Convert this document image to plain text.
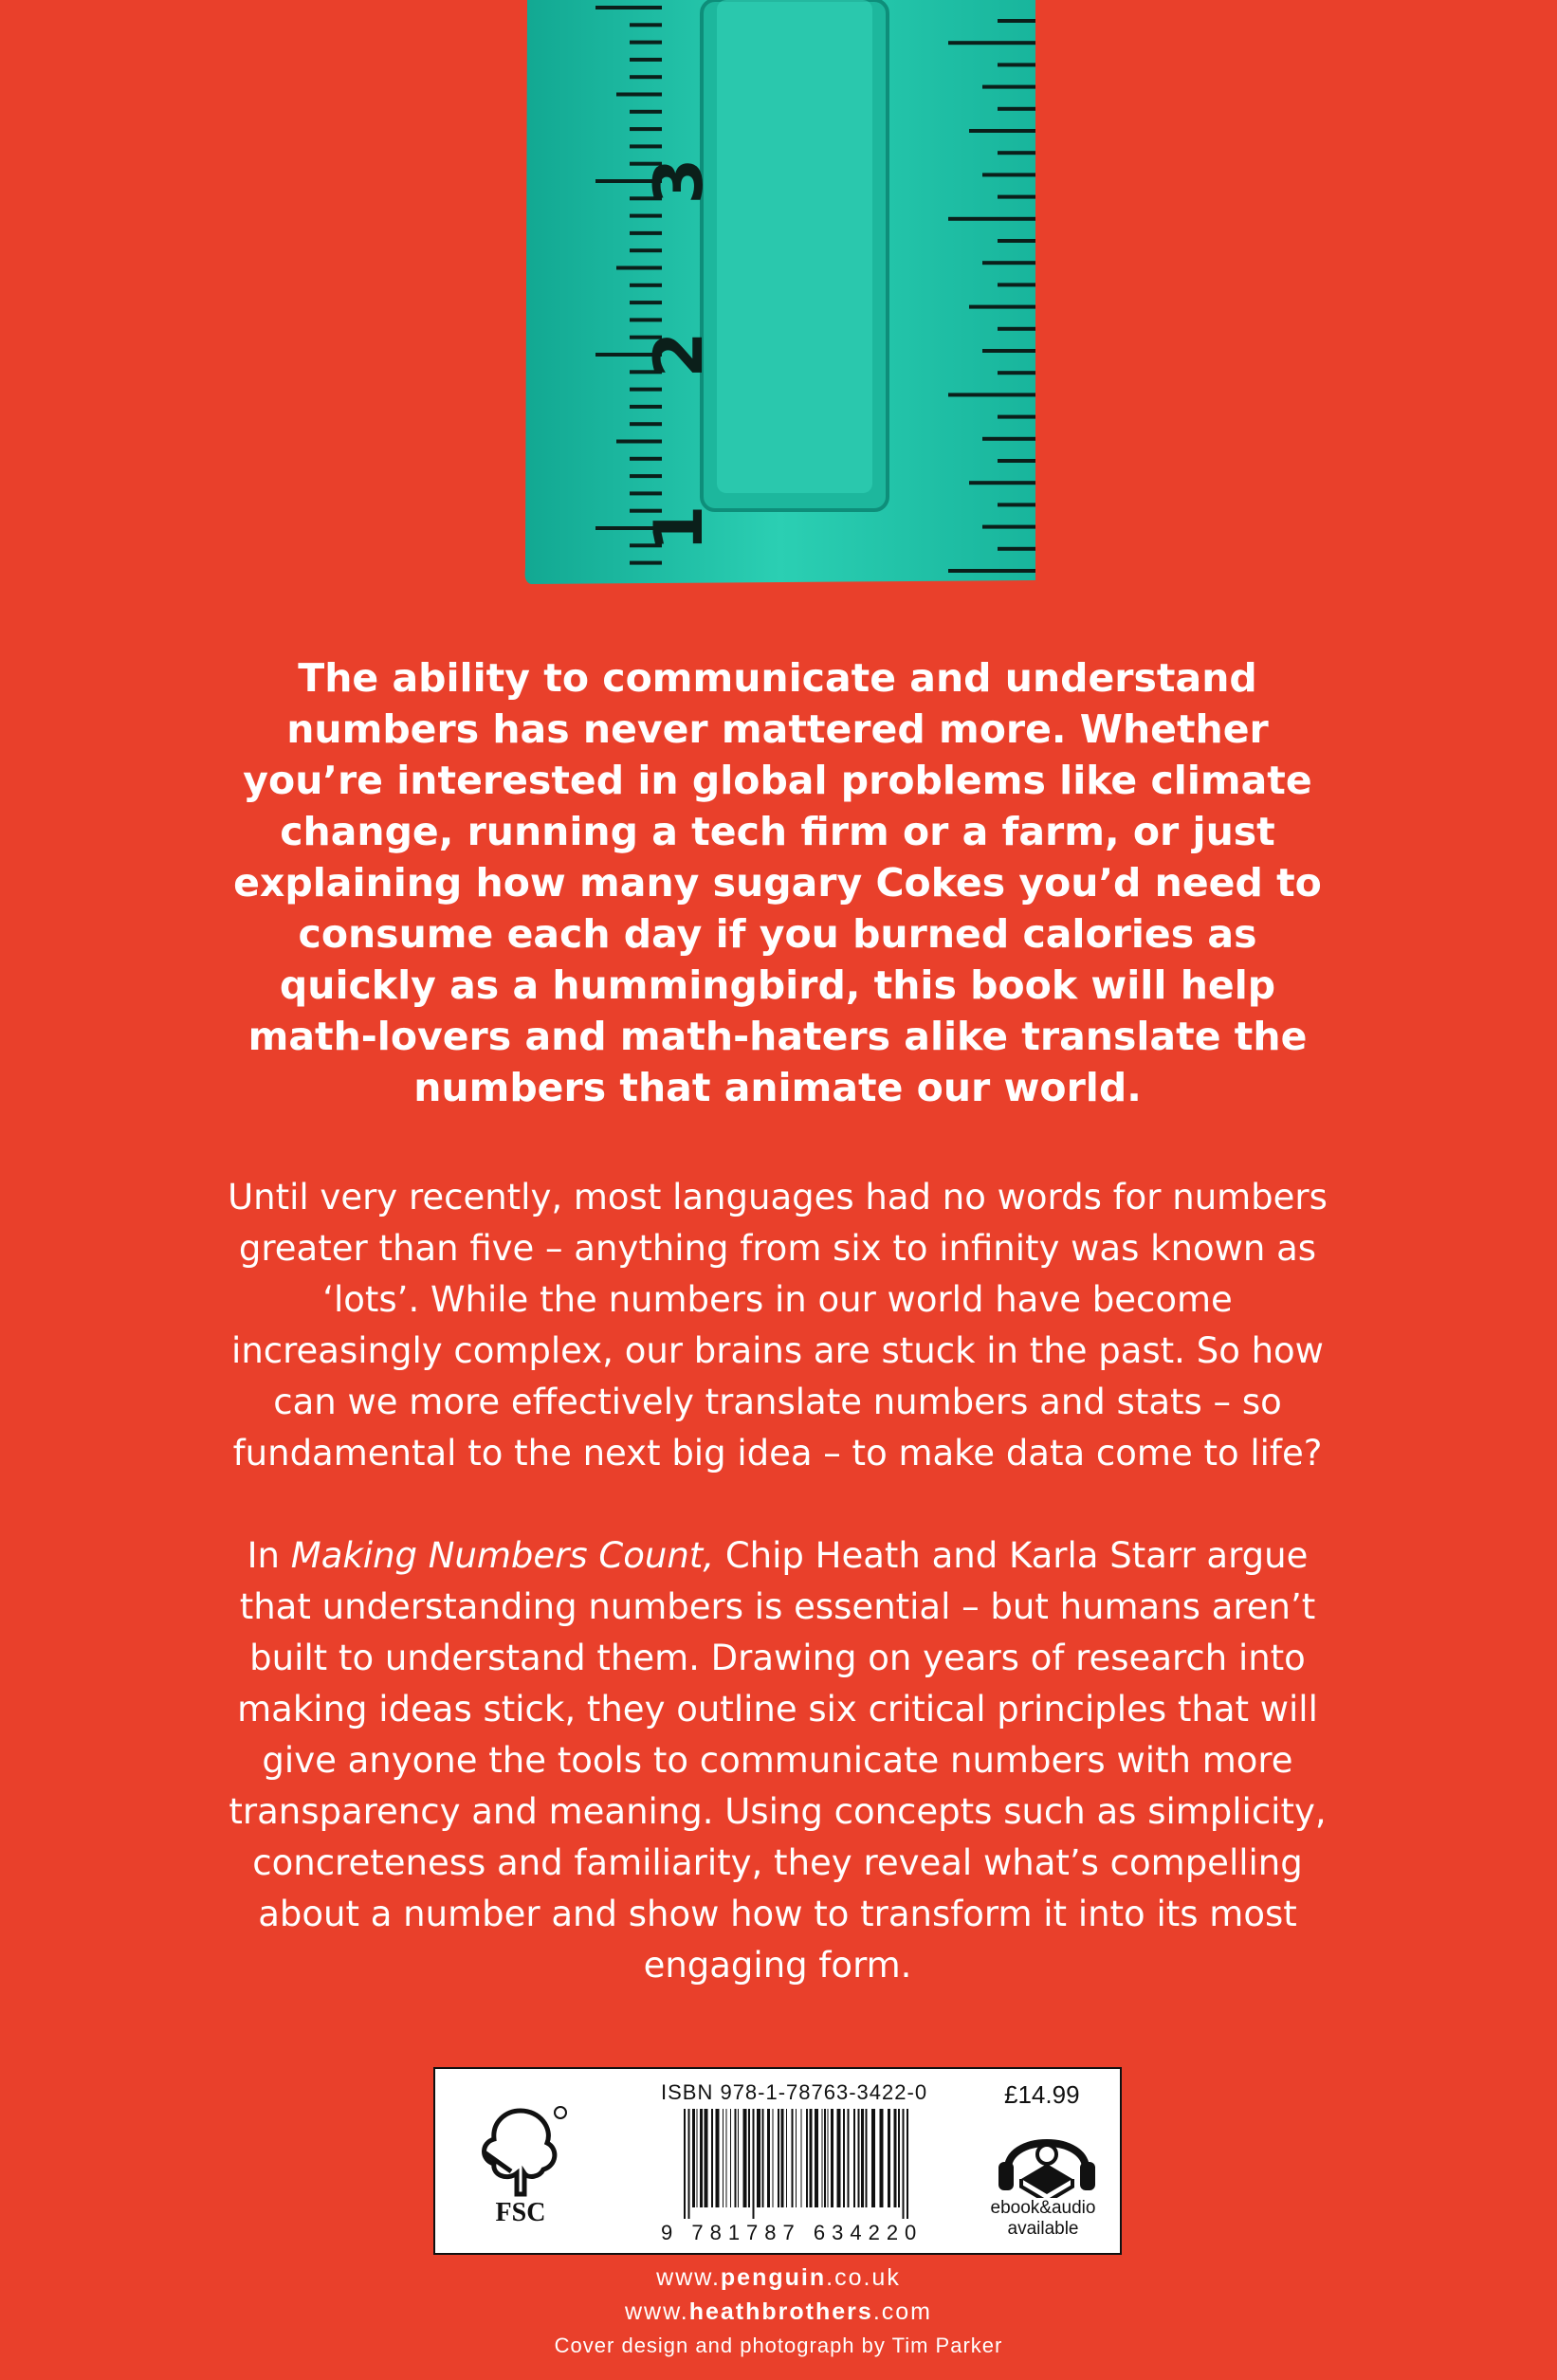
1
2
3

The ability to communicate and understand numbers has never mattered more. Whether you’re interested in global problems like climate change, running a tech firm or a farm, or just explaining how many sugary Cokes you’d need to consume each day if you burned calories as quickly as a hummingbird, this book will help math-lovers and math-haters alike translate the numbers that animate our world.

Until very recently, most languages had no words for numbers greater than five – anything from six to infinity was known as ‘lots’. While the numbers in our world have become increasingly complex, our brains are stuck in the past. So how can we more effectively translate numbers and stats – so fundamental to the next big idea – to make data come to life?

In Making Numbers Count, Chip Heath and Karla Starr argue that understanding numbers is essential – but humans aren’t built to understand them. Drawing on years of research into making ideas stick, they outline six critical principles that will give anyone the tools to communicate numbers with more transparency and meaning. Using concepts such as simplicity, concreteness and familiarity, they reveal what’s compelling about a number and show how to transform it into its most engaging form.

FSC
ISBN 978-1-78763-3422-0
9 781787 634220
£14.99
ebook&audio available
www.penguin.co.uk
www.heathbrothers.com
Cover design and photograph by Tim Parker
